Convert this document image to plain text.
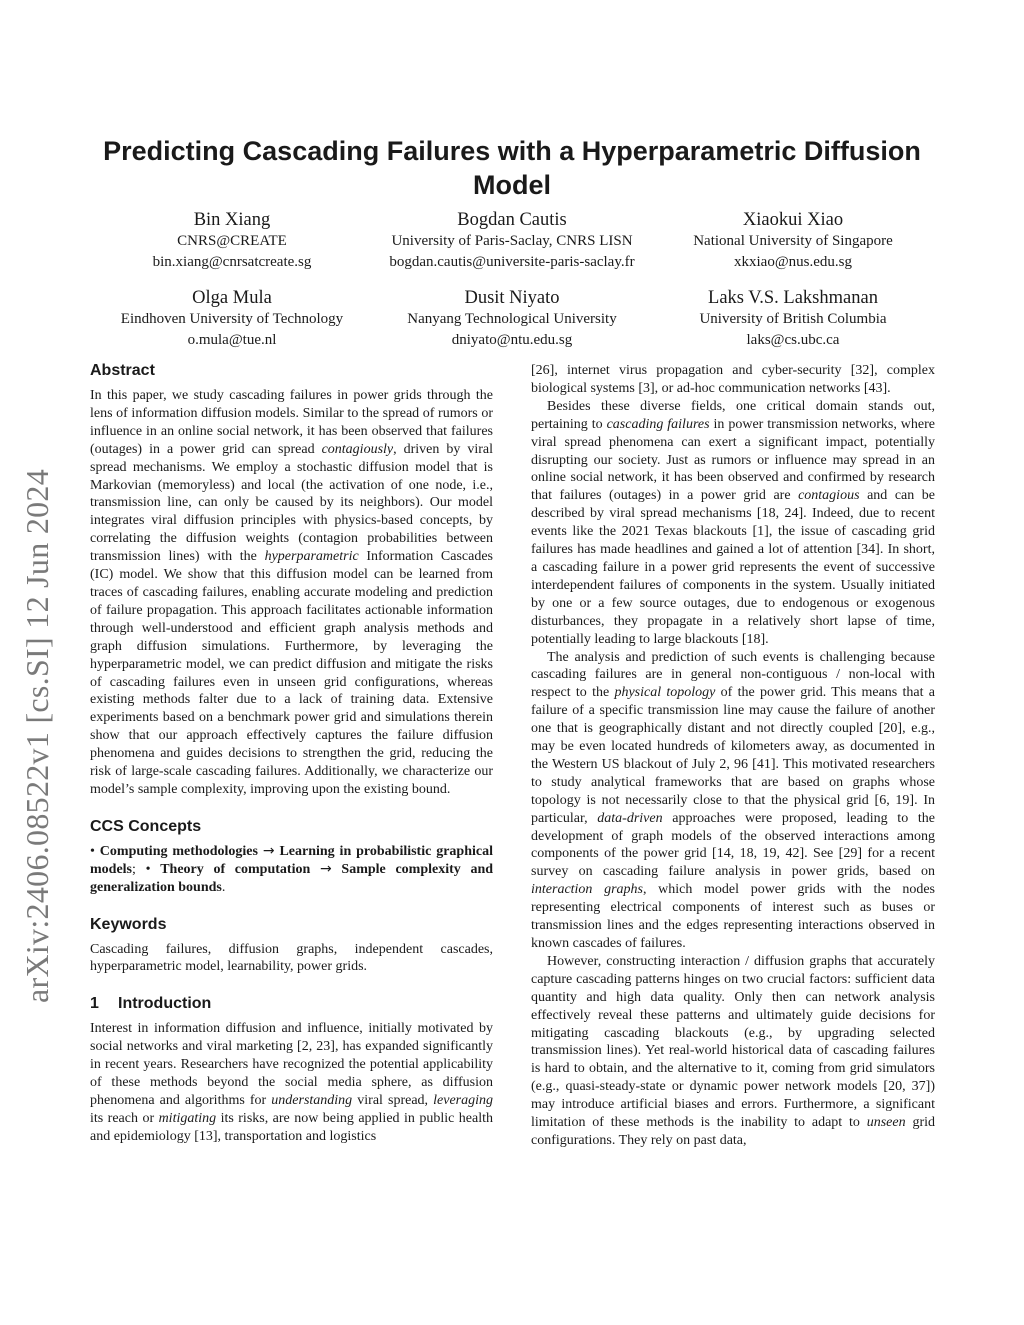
Predicting Cascading Failures with a Hyperparametric Diffusion Model
arXiv:2406.08522v1 [cs.SI] 12 Jun 2024
Bin Xiang
CNRS@CREATE
bin.xiang@cnrsatcreate.sg
Bogdan Cautis
University of Paris-Saclay, CNRS LISN
bogdan.cautis@universite-paris-saclay.fr
Xiaokui Xiao
National University of Singapore
xkxiao@nus.edu.sg
Olga Mula
Eindhoven University of Technology
o.mula@tue.nl
Dusit Niyato
Nanyang Technological University
dniyato@ntu.edu.sg
Laks V.S. Lakshmanan
University of British Columbia
laks@cs.ubc.ca
Abstract

In this paper, we study cascading failures in power grids through the lens of information diffusion models. Similar to the spread of rumors or influence in an online social network, it has been observed that failures (outages) in a power grid can spread contagiously, driven by viral spread mechanisms. We employ a stochastic diffusion model that is Markovian (memoryless) and local (the activation of one node, i.e., transmission line, can only be caused by its neighbors). Our model integrates viral diffusion principles with physics-based concepts, by correlating the diffusion weights (contagion probabilities between transmission lines) with the hyperparametric Information Cascades (IC) model. We show that this diffusion model can be learned from traces of cascading failures, enabling accurate modeling and prediction of failure propagation. This approach facilitates actionable information through well-understood and efficient graph analysis methods and graph diffusion simulations. Furthermore, by leveraging the hyperparametric model, we can predict diffusion and mitigate the risks of cascading failures even in unseen grid configurations, whereas existing methods falter due to a lack of training data. Extensive experiments based on a benchmark power grid and simulations therein show that our approach effectively captures the failure diffusion phenomena and guides decisions to strengthen the grid, reducing the risk of large-scale cascading failures. Additionally, we characterize our model’s sample complexity, improving upon the existing bound.

CCS Concepts

• Computing methodologies → Learning in probabilistic graphical models; • Theory of computation → Sample complexity and generalization bounds.

Keywords

Cascading failures, diffusion graphs, independent cascades, hyperparametric model, learnability, power grids.

1 Introduction

Interest in information diffusion and influence, initially motivated by social networks and viral marketing [2, 23], has expanded significantly in recent years. Researchers have recognized the potential applicability of these methods beyond the social media sphere, as diffusion phenomena and algorithms for understanding viral spread, leveraging its reach or mitigating its risks, are now being applied in public health and epidemiology [13], transportation and logistics

[26], internet virus propagation and cyber-security [32], complex biological systems [3], or ad-hoc communication networks [43].

Besides these diverse fields, one critical domain stands out, pertaining to cascading failures in power transmission networks, where viral spread phenomena can exert a significant impact, potentially disrupting our society. Just as rumors or influence may spread in an online social network, it has been observed and confirmed by research that failures (outages) in a power grid are contagious and can be described by viral spread mechanisms [18, 24]. Indeed, due to recent events like the 2021 Texas blackouts [1], the issue of cascading grid failures has made headlines and gained a lot of attention [34]. In short, a cascading failure in a power grid represents the event of successive interdependent failures of components in the system. Usually initiated by one or a few source outages, due to endogenous or exogenous disturbances, they propagate in a relatively short lapse of time, potentially leading to large blackouts [18].

The analysis and prediction of such events is challenging because cascading failures are in general non-contiguous / non-local with respect to the physical topology of the power grid. This means that a failure of a specific transmission line may cause the failure of another one that is geographically distant and not directly coupled [20], e.g., may be even located hundreds of kilometers away, as documented in the Western US blackout of July 2, 96 [41]. This motivated researchers to study analytical frameworks that are based on graphs whose topology is not necessarily close to that the physical grid [6, 19]. In particular, data-driven approaches were proposed, leading to the development of graph models of the observed interactions among components of the power grid [14, 18, 19, 42]. See [29] for a recent survey on cascading failure analysis in power grids, based on interaction graphs, which model power grids with the nodes representing electrical components of interest such as buses or transmission lines and the edges representing interactions observed in known cascades of failures.

However, constructing interaction / diffusion graphs that accurately capture cascading patterns hinges on two crucial factors: sufficient data quantity and high data quality. Only then can network analysis effectively reveal these patterns and ultimately guide decisions for mitigating cascading blackouts (e.g., by upgrading selected transmission lines). Yet real-world historical data of cascading failures is hard to obtain, and the alternative to it, coming from grid simulators (e.g., quasi-steady-state or dynamic power network models [20, 37]) may introduce artificial biases and errors. Furthermore, a significant limitation of these methods is the inability to adapt to unseen grid configurations. They rely on past data,
